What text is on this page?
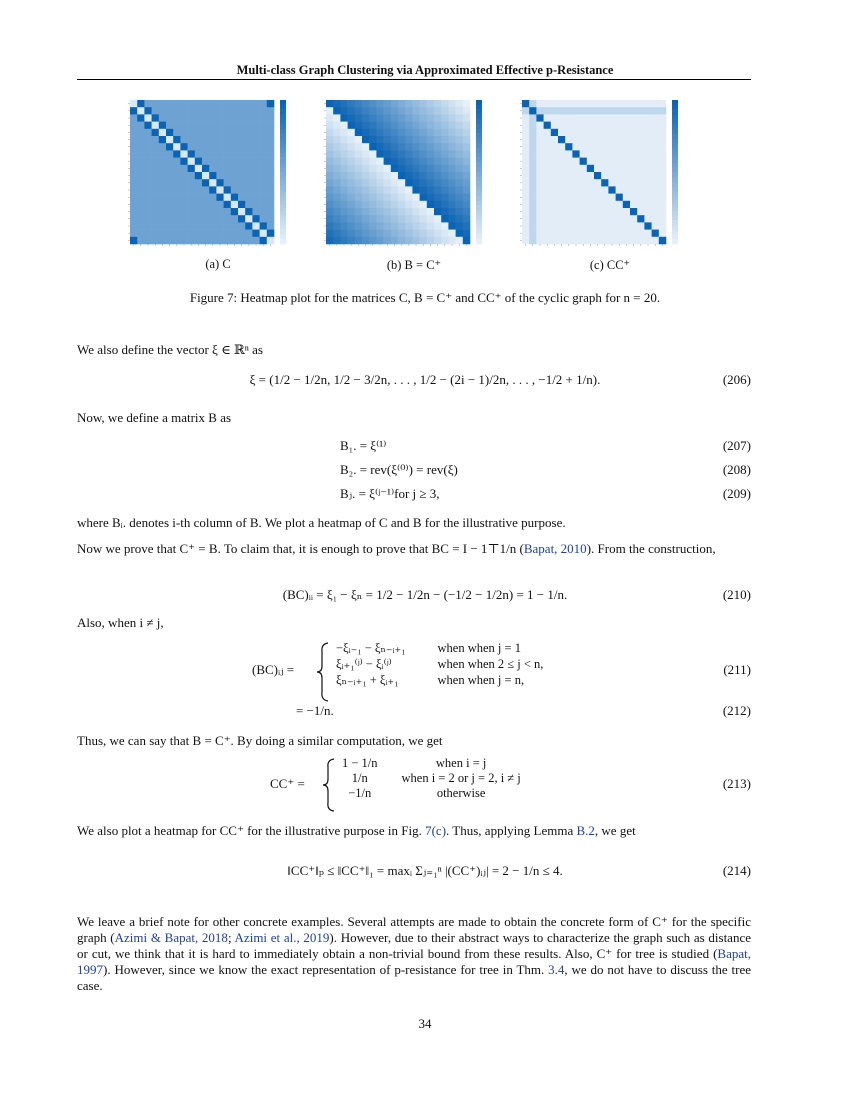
Multi-class Graph Clustering via Approximated Effective p-Resistance
(a) C	(b) B = C⁺	(c) CC⁺
Figure 7: Heatmap plot for the matrices C, B = C⁺ and CC⁺ of the cyclic graph for n = 20.
We also define the vector ξ ∈ ℝⁿ as
ξ = (1/2 − 1/2n, 1/2 − 3/2n, . . . , 1/2 − (2i − 1)/2n, . . . , −1/2 + 1/n).	(206)
Now, we define a matrix B as
B₁. = ξ⁽¹⁾	(207)
B₂. = rev(ξ⁽⁰⁾) = rev(ξ)	(208)
Bⱼ. = ξ⁽ʲ⁻¹⁾for j ≥ 3,	(209)
where Bᵢ. denotes i-th column of B. We plot a heatmap of C and B for the illustrative purpose.
Now we prove that C⁺ = B. To claim that, it is enough to prove that BC = I − 1⊤1/n (Bapat, 2010). From the construction,
(BC)ᵢᵢ = ξ₁ − ξₙ = 1/2 − 1/2n − (−1/2 − 1/2n) = 1 − 1/n.	(210)
Also, when i ≠ j,
(BC)ᵢⱼ =
−ξᵢ₋₁ − ξₙ₋ᵢ₊₁	when when j = 1
ξᵢ₊₁⁽ʲ⁾ − ξᵢ⁽ʲ⁾	when when 2 ≤ j < n,
ξₙ₋ᵢ₊₁ + ξᵢ₊₁	when when j = n,
(211)
= −1/n.	(212)
Thus, we can say that B = C⁺. By doing a similar computation, we get
CC⁺ =
1 − 1/n	when i = j
1/n	when i = 2 or j = 2, i ≠ j
−1/n	otherwise
(213)
We also plot a heatmap for CC⁺ for the illustrative purpose in Fig. 7(c). Thus, applying Lemma B.2, we get
‖CC⁺‖ₚ ≤ ‖CC⁺‖₁ = maxᵢ Σⱼ₌₁ⁿ |(CC⁺)ᵢⱼ| = 2 − 1/n ≤ 4.	(214)
We leave a brief note for other concrete examples. Several attempts are made to obtain the concrete form of C⁺ for the specific graph (Azimi & Bapat, 2018; Azimi et al., 2019). However, due to their abstract ways to characterize the graph such as distance or cut, we think that it is hard to immediately obtain a non-trivial bound from these results. Also, C⁺ for tree is studied (Bapat, 1997). However, since we know the exact representation of p-resistance for tree in Thm. 3.4, we do not have to discuss the tree case.
34
